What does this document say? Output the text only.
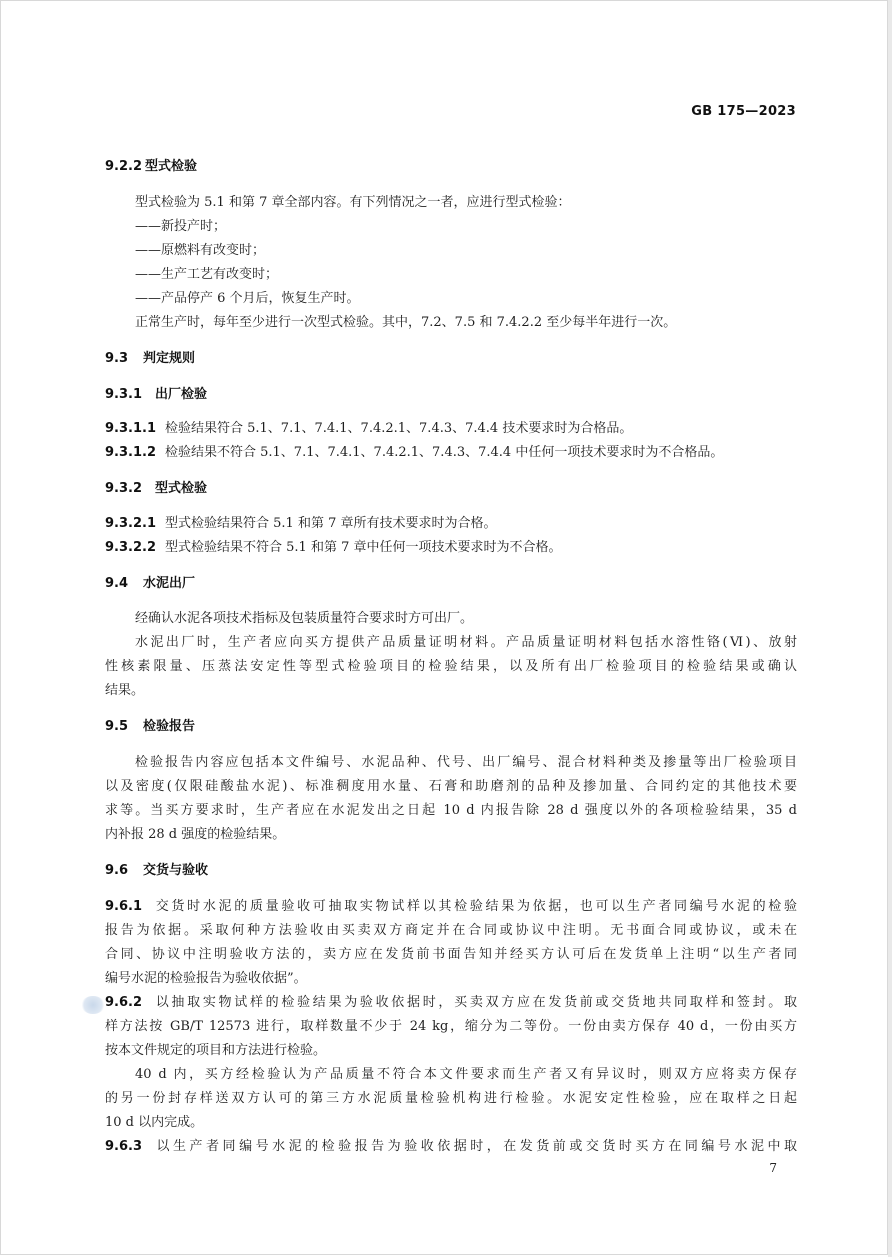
GB 175—2023
9.2.2 型式检验
型式检验为 5.1 和第 7 章全部内容。有下列情况之一者，应进行型式检验：
——新投产时；
——原燃料有改变时；
——生产工艺有改变时；
——产品停产 6 个月后，恢复生产时。
正常生产时，每年至少进行一次型式检验。其中，7.2、7.5 和 7.4.2.2 至少每半年进行一次。
9.3 判定规则
9.3.1 出厂检验
9.3.1.1 检验结果符合 5.1、7.1、7.4.1、7.4.2.1、7.4.3、7.4.4 技术要求时为合格品。
9.3.1.2 检验结果不符合 5.1、7.1、7.4.1、7.4.2.1、7.4.3、7.4.4 中任何一项技术要求时为不合格品。
9.3.2 型式检验
9.3.2.1 型式检验结果符合 5.1 和第 7 章所有技术要求时为合格。
9.3.2.2 型式检验结果不符合 5.1 和第 7 章中任何一项技术要求时为不合格。
9.4 水泥出厂
经确认水泥各项技术指标及包装质量符合要求时方可出厂。
水泥出厂时，生产者应向买方提供产品质量证明材料。产品质量证明材料包括水溶性铬(Ⅵ)、放射
性核素限量、压蒸法安定性等型式检验项目的检验结果，以及所有出厂检验项目的检验结果或确认
结果。
9.5 检验报告
检验报告内容应包括本文件编号、水泥品种、代号、出厂编号、混合材料种类及掺量等出厂检验项目
以及密度(仅限硅酸盐水泥)、标准稠度用水量、石膏和助磨剂的品种及掺加量、合同约定的其他技术要
求等。当买方要求时，生产者应在水泥发出之日起 10 d 内报告除 28 d 强度以外的各项检验结果，35 d
内补报 28 d 强度的检验结果。
9.6 交货与验收
9.6.1 交货时水泥的质量验收可抽取实物试样以其检验结果为依据，也可以生产者同编号水泥的检验
报告为依据。采取何种方法验收由买卖双方商定并在合同或协议中注明。无书面合同或协议，或未在
合同、协议中注明验收方法的，卖方应在发货前书面告知并经买方认可后在发货单上注明“以生产者同
编号水泥的检验报告为验收依据”。
9.6.2 以抽取实物试样的检验结果为验收依据时，买卖双方应在发货前或交货地共同取样和签封。取
样方法按 GB/T 12573 进行，取样数量不少于 24 kg，缩分为二等份。一份由卖方保存 40 d，一份由买方
按本文件规定的项目和方法进行检验。
40 d 内，买方经检验认为产品质量不符合本文件要求而生产者又有异议时，则双方应将卖方保存
的另一份封存样送双方认可的第三方水泥质量检验机构进行检验。水泥安定性检验，应在取样之日起
10 d 以内完成。
9.6.3 以生产者同编号水泥的检验报告为验收依据时，在发货前或交货时买方在同编号水泥中取
7
